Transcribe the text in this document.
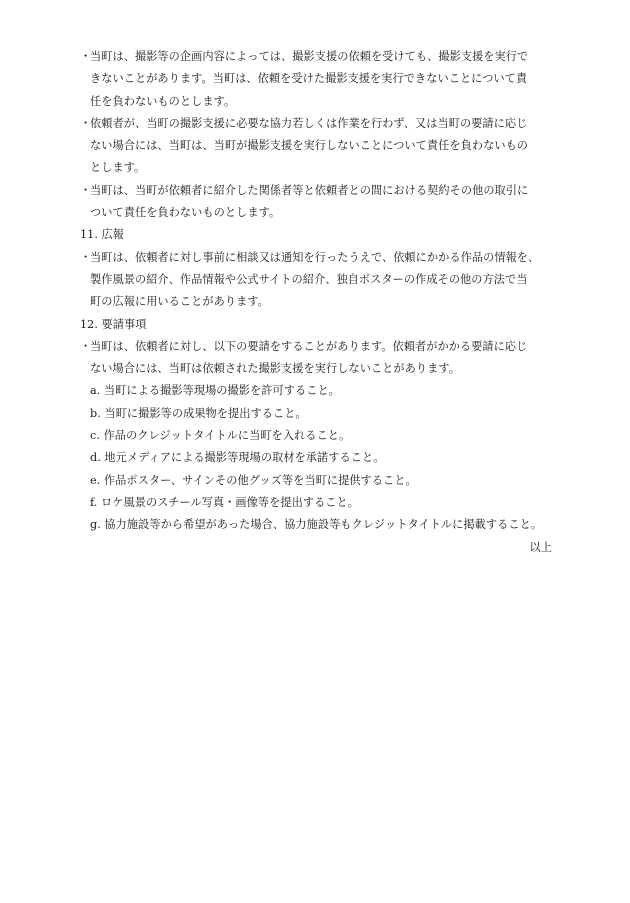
・当町は、撮影等の企画内容によっては、撮影支援の依頼を受けても、撮影支援を実行で
きないことがあります。当町は、依頼を受けた撮影支援を実行できないことについて責
任を負わないものとします。
・依頼者が、当町の撮影支援に必要な協力若しくは作業を行わず、又は当町の要請に応じ
ない場合には、当町は、当町が撮影支援を実行しないことについて責任を負わないもの
とします。
・当町は、当町が依頼者に紹介した関係者等と依頼者との間における契約その他の取引に
ついて責任を負わないものとします。
11. 広報
・当町は、依頼者に対し事前に相談又は通知を行ったうえで、依頼にかかる作品の情報を、
製作風景の紹介、作品情報や公式サイトの紹介、独自ポスターの作成その他の方法で当
町の広報に用いることがあります。
12. 要請事項
・当町は、依頼者に対し、以下の要請をすることがあります。依頼者がかかる要請に応じ
ない場合には、当町は依頼された撮影支援を実行しないことがあります。
a. 当町による撮影等現場の撮影を許可すること。
b. 当町に撮影等の成果物を提出すること。
c. 作品のクレジットタイトルに当町を入れること。
d. 地元メディアによる撮影等現場の取材を承諾すること。
e. 作品ポスター、サインその他グッズ等を当町に提供すること。
f. ロケ風景のスチール写真・画像等を提出すること。
g. 協力施設等から希望があった場合、協力施設等もクレジットタイトルに掲載すること。
以上
